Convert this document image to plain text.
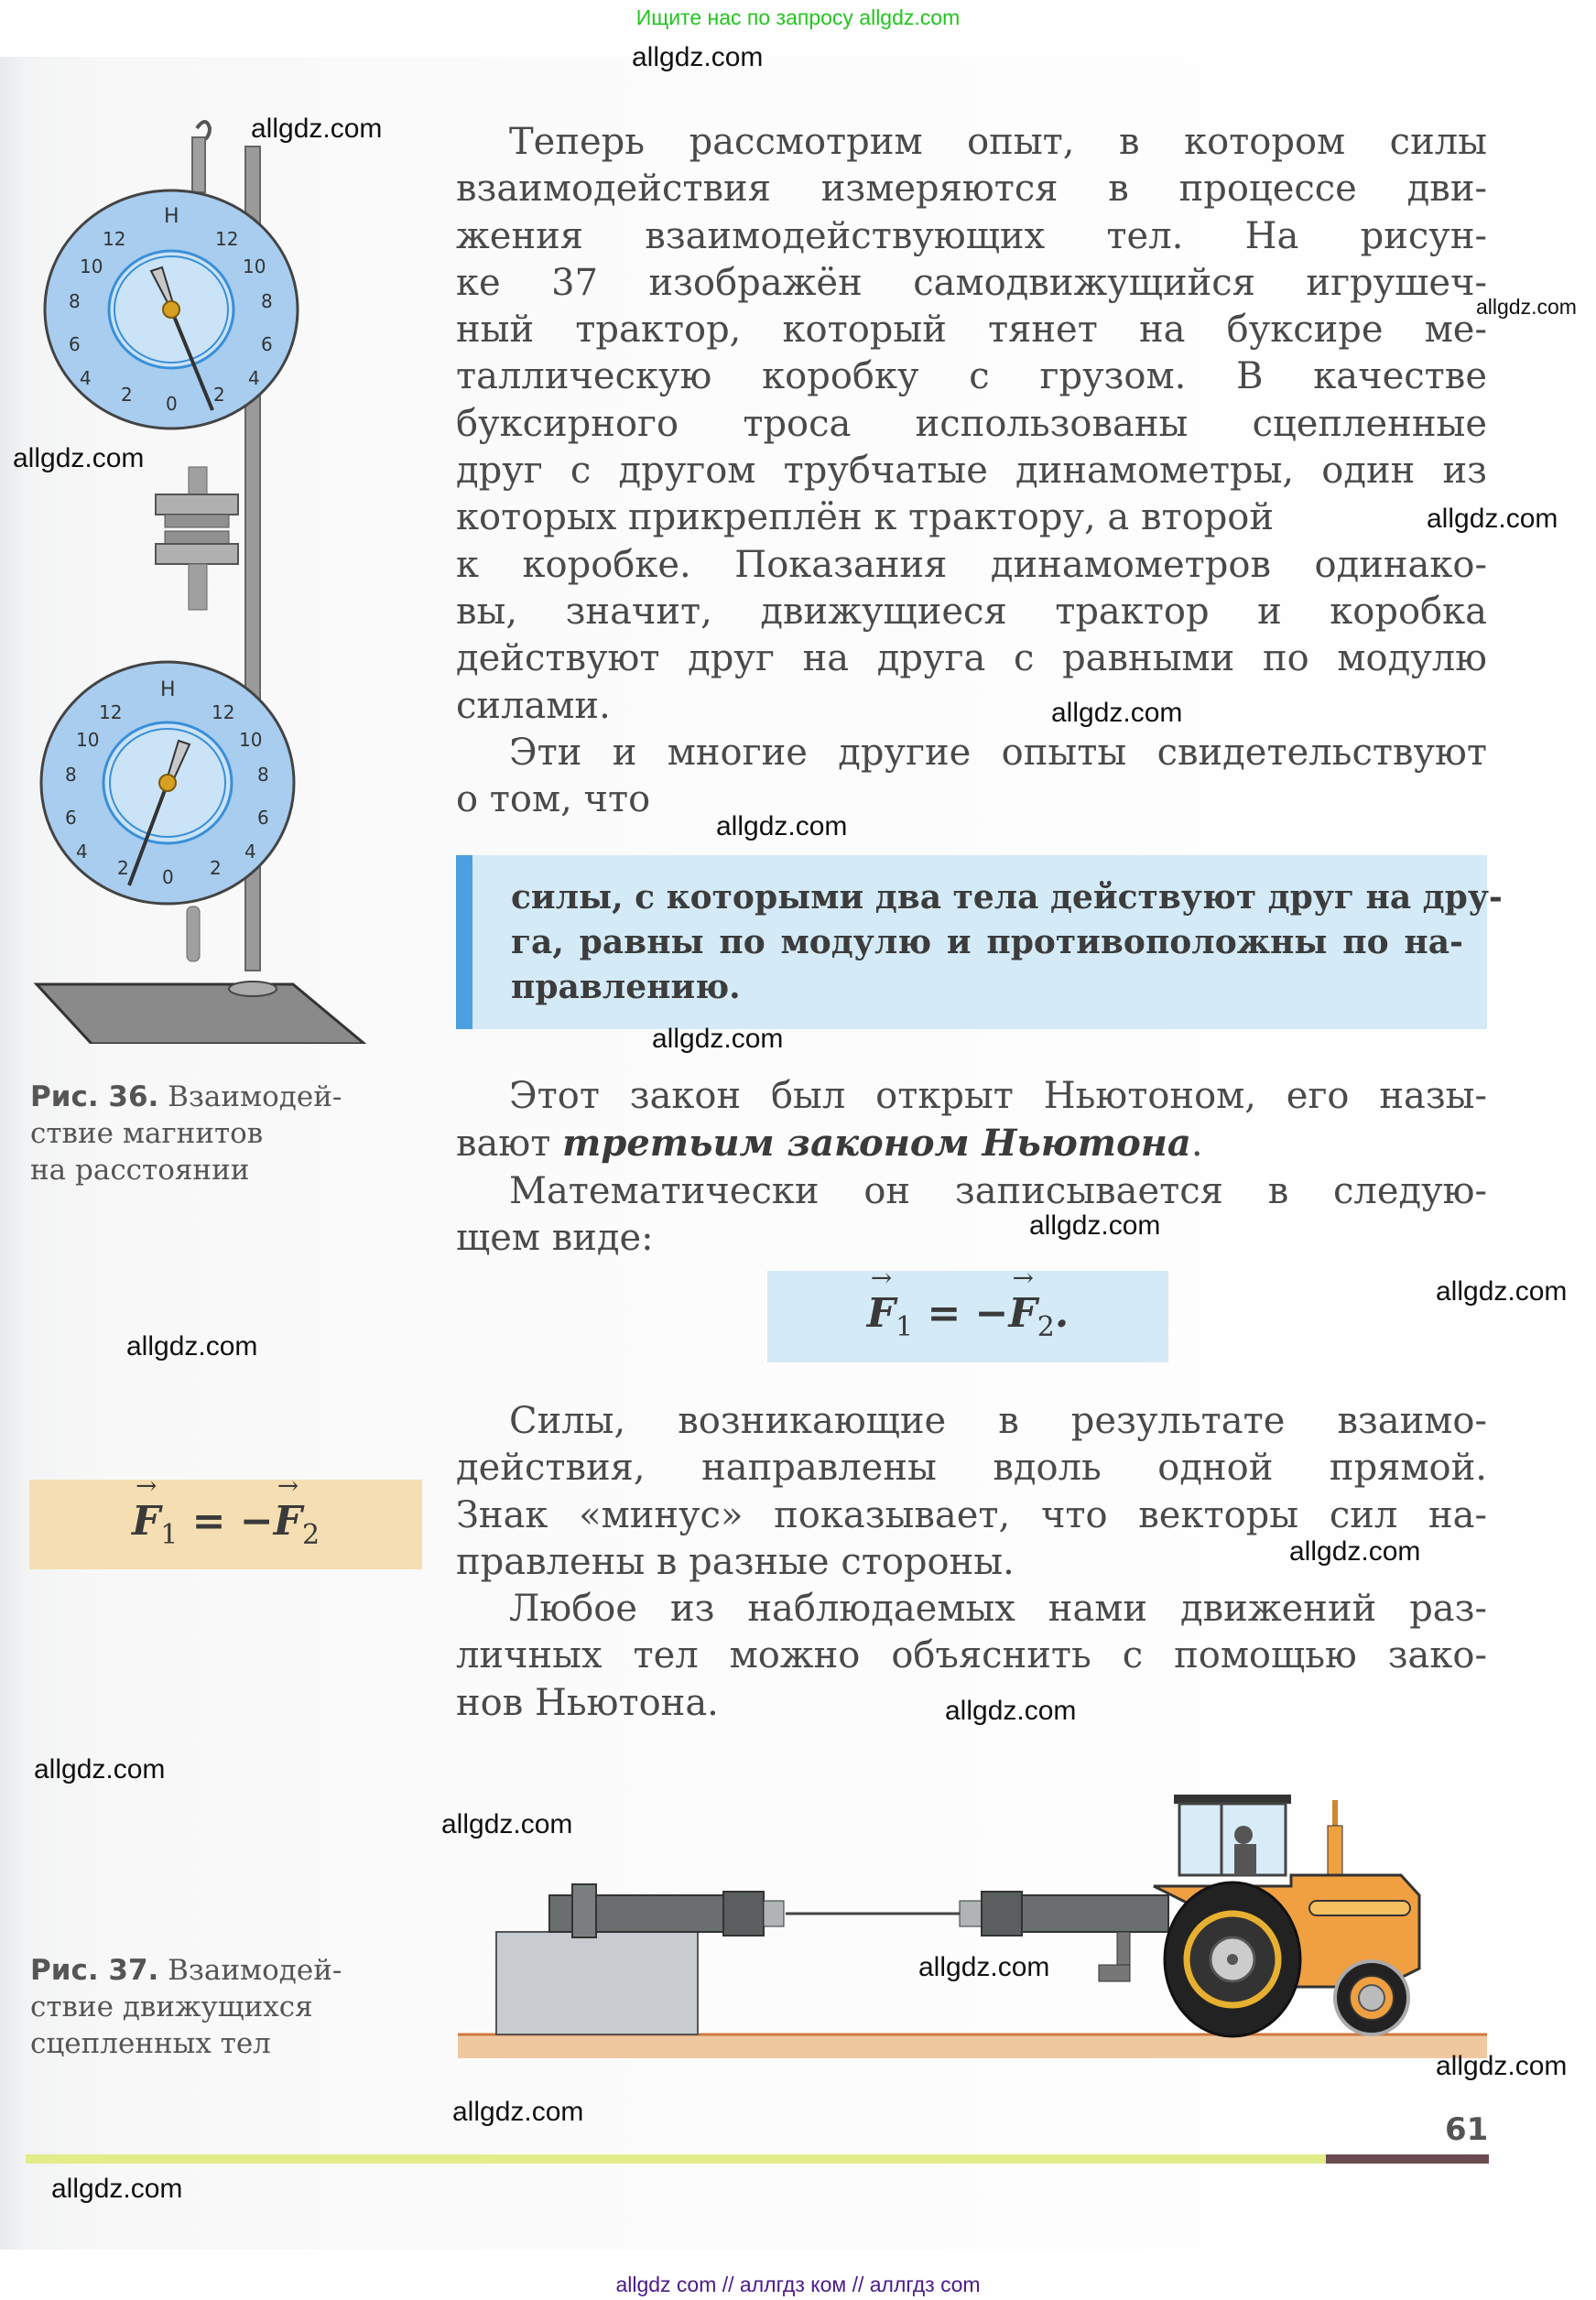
Ищите нас по запросу allgdz.com
Н
12	12
10	10
8	8
6	6
4	4
2	2
0
Н
12	12
10	10
8	8
6	6
4	4
2	2
0
Рис. 36. Взаимодей-
ствие магнитов
на расстоянии
→ $F_1$ = −→ $F_2$
Теперь рассмотрим опыт, в котором силы
взаимодействия измеряются в процессе дви-
жения взаимодействующих тел. На рисун-
ке 37 изображён самодвижущийся игрушеч-
ный трактор, который тянет на буксире ме-
таллическую коробку с грузом. В качестве
буксирного троса использованы сцепленные
друг с другом трубчатые динамометры, один из
которых прикреплён к трактору, а второй
к коробке. Показания динамометров одинако-
вы, значит, движущиеся трактор и коробка
действуют друг на друга с равными по модулю
силами.
Эти и многие другие опыты свидетельствуют
о том, что
силы, с которыми два тела действуют друг на дру-
га, равны по модулю и противоположны по на-
правлению.
Этот закон был открыт Ньютоном, его назы-
вают третьим законом Ньютона.
Математически он записывается в следую-
щем виде:
→ $F_1$ = −→ $F_2$.
Силы, возникающие в результате взаимо-
действия, направлены вдоль одной прямой.
Знак «минус» показывает, что векторы сил на-
правлены в разные стороны.
Любое из наблюдаемых нами движений раз-
личных тел можно объяснить с помощью зако-
нов Ньютона.
Рис. 37. Взаимодей-
ствие движущихся
сцепленных тел
61
allgdz.com
allgdz.com
allgdz.com
allgdz.com
allgdz.com
allgdz.com
allgdz.com
allgdz.com
allgdz.com
allgdz.com
allgdz.com
allgdz.com
allgdz.com
allgdz.com
allgdz.com
allgdz.com
allgdz.com
allgdz.com
allgdz.com
allgdz com // аллгдз ком // аллгдз com
